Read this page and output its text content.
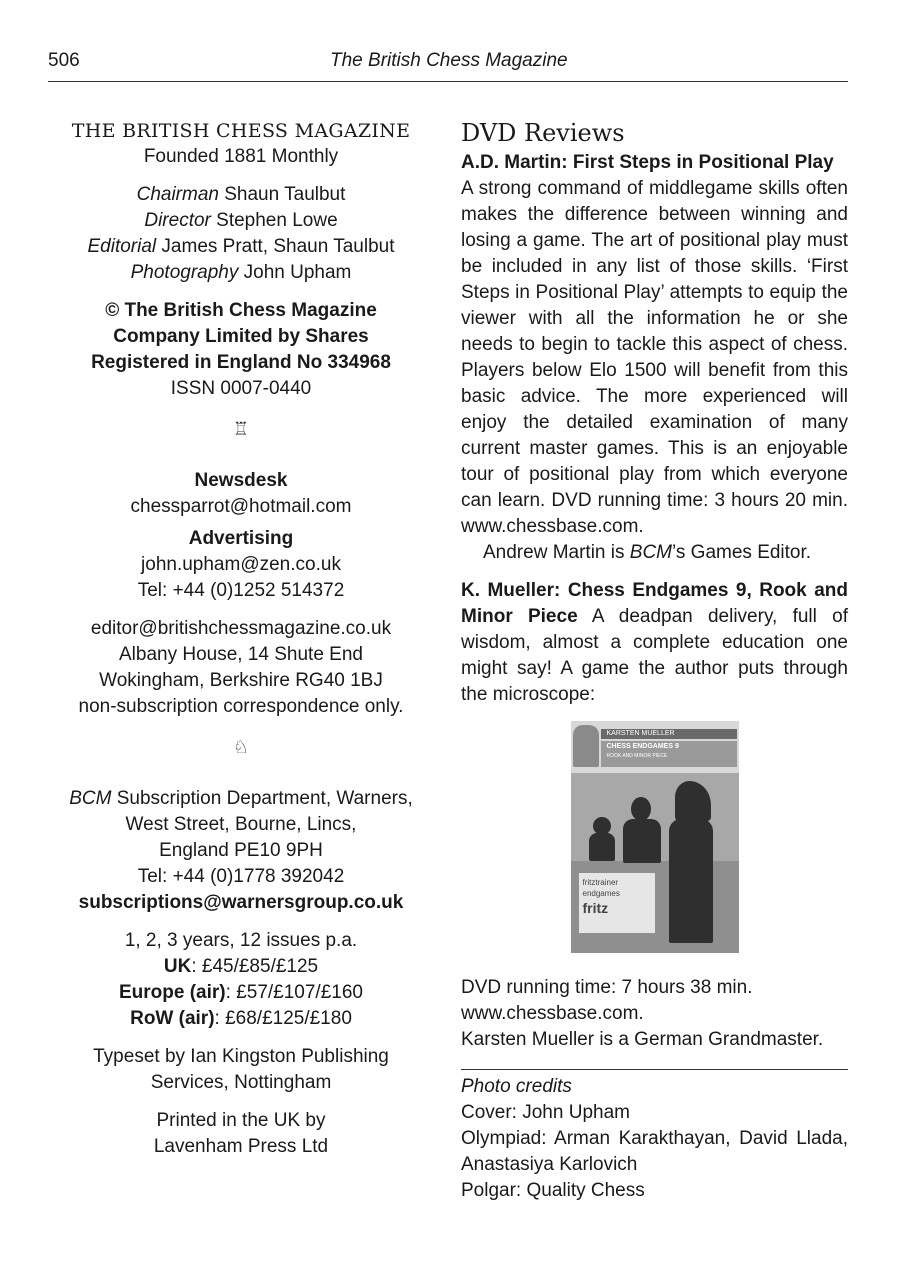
506	The British Chess Magazine

THE BRITISH CHESS MAGAZINE

Founded 1881 Monthly

Chairman Shaun Taulbut

Director Stephen Lowe

Editorial James Pratt, Shaun Taulbut

Photography John Upham

© The British Chess Magazine

Company Limited by Shares

Registered in England No 334968

ISSN 0007-0440

♖

Newsdesk

chessparrot@hotmail.com

Advertising

john.upham@zen.co.uk

Tel: +44 (0)1252 514372

editor@britishchessmagazine.co.uk

Albany House, 14 Shute End

Wokingham, Berkshire RG40 1BJ

non-subscription correspondence only.

♘

BCM Subscription Department, Warners,

West Street, Bourne, Lincs,

England PE10 9PH

Tel: +44 (0)1778 392042

subscriptions@warnersgroup.co.uk

1, 2, 3 years, 12 issues p.a.

UK: £45/£85/£125

Europe (air): £57/£107/£160

RoW (air): £68/£125/£180

Typeset by Ian Kingston Publishing

Services, Nottingham

Printed in the UK by

Lavenham Press Ltd

DVD Reviews

A.D. Martin: First Steps in Positional Play

A strong command of middlegame skills often makes the difference between winning and losing a game. The art of positional play must be included in any list of those skills. ‘First Steps in Positional Play’ attempts to equip the viewer with all the information he or she needs to begin to tackle this aspect of chess. Players below Elo 1500 will benefit from this basic advice. The more experienced will enjoy the detailed examination of many current master games. This is an enjoyable tour of positional play from which everyone can learn. DVD running time: 3 hours 20 min. www.chessbase.com.

Andrew Martin is BCM’s Games Editor.

K. Mueller: Chess Endgames 9, Rook and Minor Piece A deadpan delivery, full of wisdom, almost a complete education one might say! A game the author puts through the microscope:

KARSTEN MUELLER
CHESS ENDGAMES 9
ROOK AND MINOR PIECE
fritztrainer
endgames
fritz

DVD running time: 7 hours 38 min.

www.chessbase.com.

Karsten Mueller is a German Grandmaster.

Photo credits

Cover: John Upham

Olympiad: Arman Karakthayan, David Llada, Anastasiya Karlovich

Polgar: Quality Chess
